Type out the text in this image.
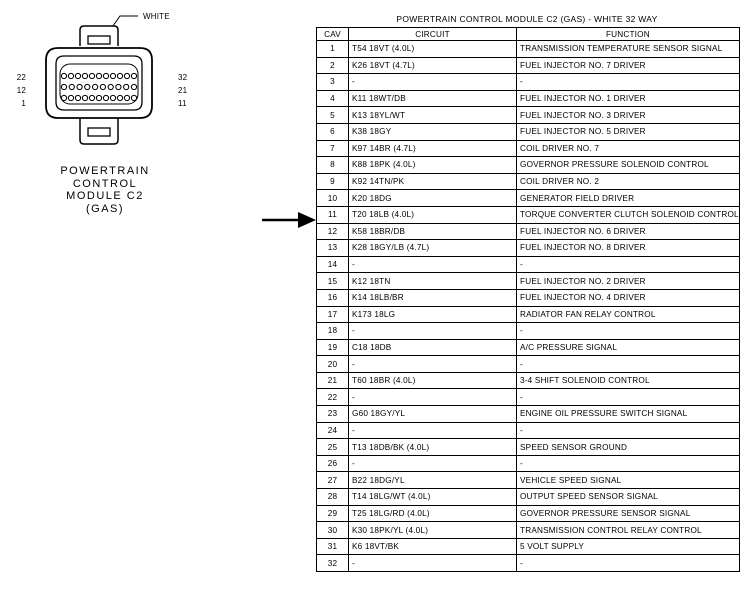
WHITE
22
12
1
32
21
11
POWERTRAIN
CONTROL
MODULE C2
(GAS)
POWERTRAIN CONTROL MODULE C2 (GAS) - WHITE 32 WAY
CAV	CIRCUIT	FUNCTION
1	T54 18VT (4.0L)	TRANSMISSION TEMPERATURE SENSOR SIGNAL
2	K26 18VT (4.7L)	FUEL INJECTOR NO. 7 DRIVER
3	-	-
4	K11 18WT/DB	FUEL INJECTOR NO. 1 DRIVER
5	K13 18YL/WT	FUEL INJECTOR NO. 3 DRIVER
6	K38 18GY	FUEL INJECTOR NO. 5 DRIVER
7	K97 14BR (4.7L)	COIL DRIVER NO. 7
8	K88 18PK (4.0L)	GOVERNOR PRESSURE SOLENOID CONTROL
9	K92 14TN/PK	COIL DRIVER NO. 2
10	K20 18DG	GENERATOR FIELD DRIVER
11	T20 18LB (4.0L)	TORQUE CONVERTER CLUTCH SOLENOID CONTROL
12	K58 18BR/DB	FUEL INJECTOR NO. 6 DRIVER
13	K28 18GY/LB (4.7L)	FUEL INJECTOR NO. 8 DRIVER
14	-	-
15	K12 18TN	FUEL INJECTOR NO. 2 DRIVER
16	K14 18LB/BR	FUEL INJECTOR NO. 4 DRIVER
17	K173 18LG	RADIATOR FAN RELAY CONTROL
18	-	-
19	C18 18DB	A/C PRESSURE SIGNAL
20	-	-
21	T60 18BR (4.0L)	3-4 SHIFT SOLENOID CONTROL
22	-	-
23	G60 18GY/YL	ENGINE OIL PRESSURE SWITCH SIGNAL
24	-	-
25	T13 18DB/BK (4.0L)	SPEED SENSOR GROUND
26	-	-
27	B22 18DG/YL	VEHICLE SPEED SIGNAL
28	T14 18LG/WT (4.0L)	OUTPUT SPEED SENSOR SIGNAL
29	T25 18LG/RD (4.0L)	GOVERNOR PRESSURE SENSOR SIGNAL
30	K30 18PK/YL (4.0L)	TRANSMISSION CONTROL RELAY CONTROL
31	K6 18VT/BK	5 VOLT SUPPLY
32	-	-
